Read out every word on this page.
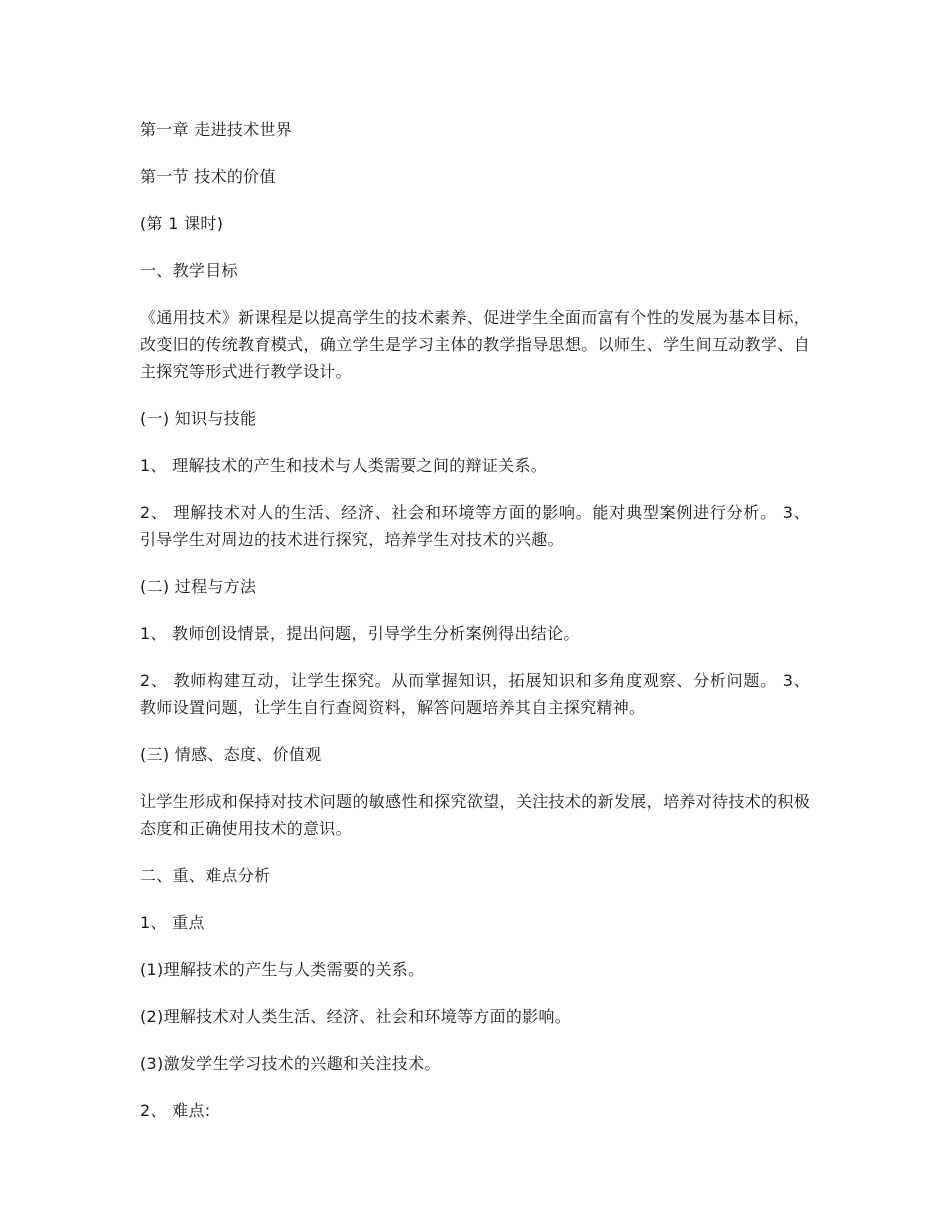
第一章 走进技术世界

第一节 技术的价值

(第 1 课时)

一、教学目标

《通用技术》新课程是以提高学生的技术素养、促进学生全面而富有个性的发展为基本目标，改变旧的传统教育模式，确立学生是学习主体的教学指导思想。以师生、学生间互动教学、自主探究等形式进行教学设计。

(一) 知识与技能

1、 理解技术的产生和技术与人类需要之间的辩证关系。

2、 理解技术对人的生活、经济、社会和环境等方面的影响。能对典型案例进行分析。 3、 引导学生对周边的技术进行探究，培养学生对技术的兴趣。

(二) 过程与方法

1、 教师创设情景，提出问题，引导学生分析案例得出结论。

2、 教师构建互动，让学生探究。从而掌握知识，拓展知识和多角度观察、分析问题。 3、 教师设置问题，让学生自行查阅资料，解答问题培养其自主探究精神。

(三) 情感、态度、价值观

让学生形成和保持对技术问题的敏感性和探究欲望，关注技术的新发展，培养对待技术的积极态度和正确使用技术的意识。

二、重、难点分析

1、 重点

(1)理解技术的产生与人类需要的关系。

(2)理解技术对人类生活、经济、社会和环境等方面的影响。

(3)激发学生学习技术的兴趣和关注技术。

2、 难点:
